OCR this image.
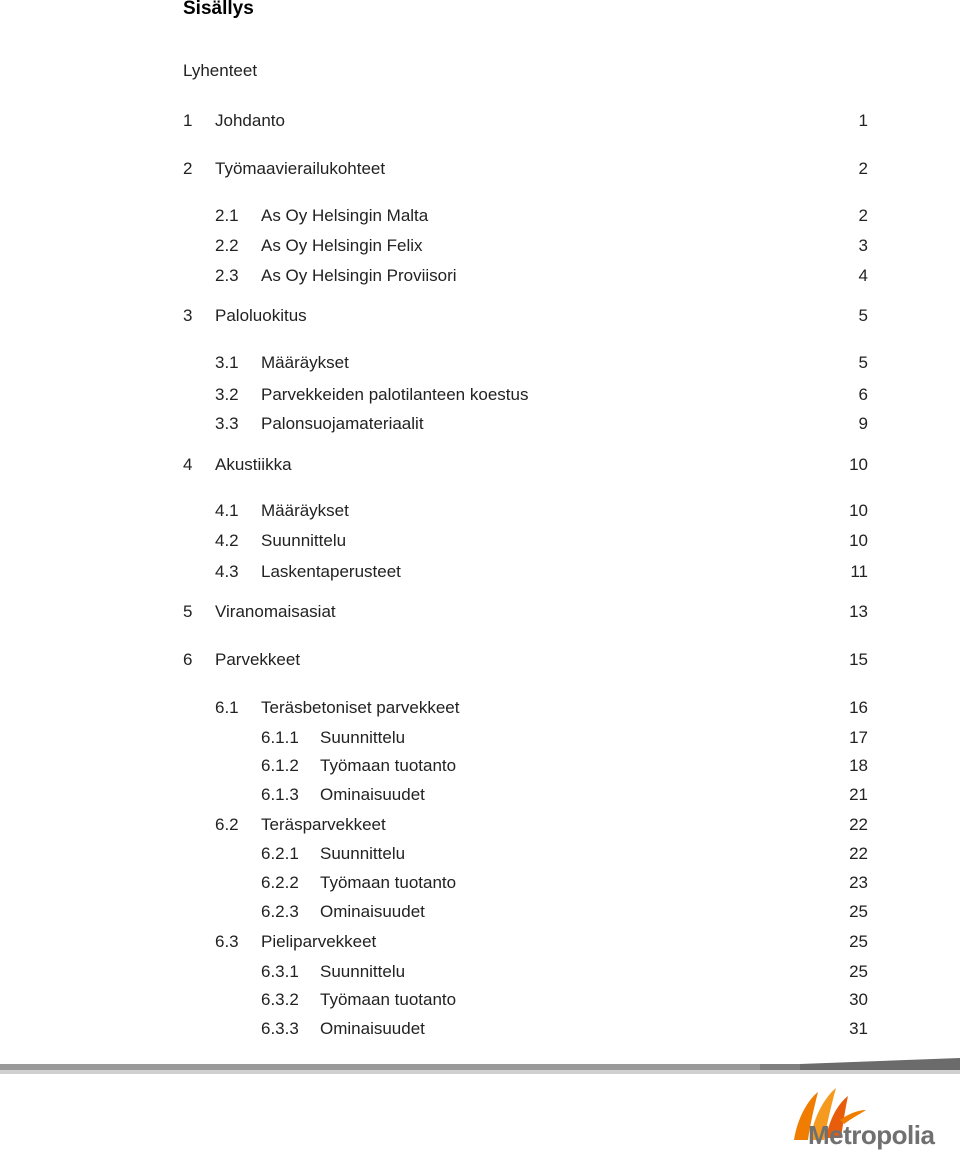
Sisällys
Lyhenteet
1 Johdanto	1
2 Työmaavierailukohteet	2
2.1 As Oy Helsingin Malta	2
2.2 As Oy Helsingin Felix	3
2.3 As Oy Helsingin Proviisori	4
3 Paloluokitus	5
3.1 Määräykset	5
3.2 Parvekkeiden palotilanteen koestus	6
3.3 Palonsuojamateriaalit	9
4 Akustiikka	10
4.1 Määräykset	10
4.2 Suunnittelu	10
4.3 Laskentaperusteet	11
5 Viranomaisasiat	13
6 Parvekkeet	15
6.1 Teräsbetoniset parvekkeet	16
6.1.1 Suunnittelu	17
6.1.2 Työmaan tuotanto	18
6.1.3 Ominaisuudet	21
6.2 Teräsparvekkeet	22
6.2.1 Suunnittelu	22
6.2.2 Työmaan tuotanto	23
6.2.3 Ominaisuudet	25
6.3 Pieliparvekkeet	25
6.3.1 Suunnittelu	25
6.3.2 Työmaan tuotanto	30
6.3.3 Ominaisuudet	31
Metropolia
